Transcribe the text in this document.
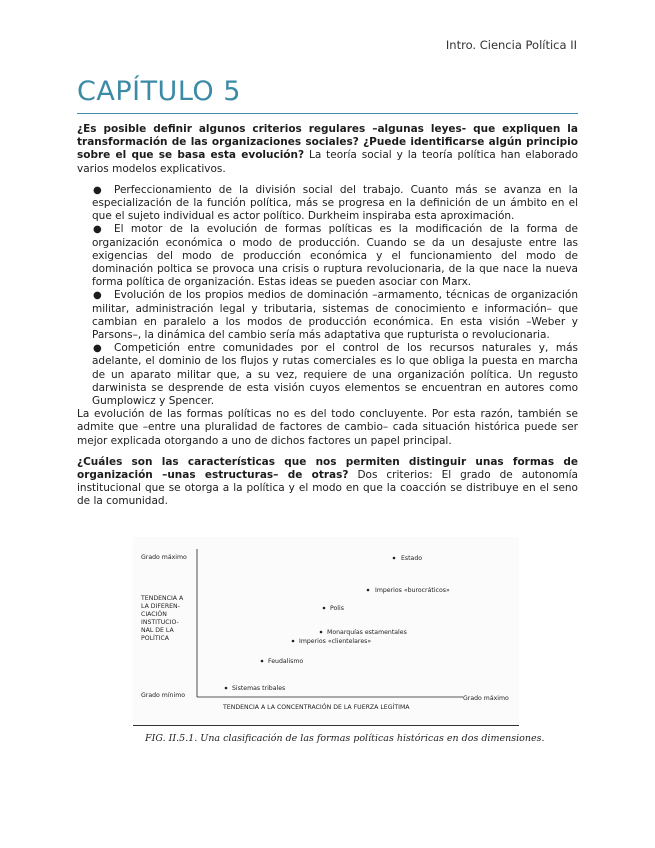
Intro. Ciencia Política II
CAPÍTULO 5

¿Es posible definir algunos criterios regulares –algunas leyes- que expliquen la transformación de las organizaciones sociales? ¿Puede identificarse algún principio sobre el que se basa esta evolución? La teoría social y la teoría política han elaborado varios modelos explicativos.

●	Perfeccionamiento de la división social del trabajo. Cuanto más se avanza en la especialización de la función política, más se progresa en la definición de un ámbito en el que el sujeto individual es actor político. Durkheim inspiraba esta aproximación.
●	El motor de la evolución de formas políticas es la modificación de la forma de organización económica o modo de producción. Cuando se da un desajuste entre las exigencias del modo de producción económica y el funcionamiento del modo de dominación poltica se provoca una crisis o ruptura revolucionaria, de la que nace la nueva forma política de organización. Estas ideas se pueden asociar con Marx.
●	Evolución de los propios medios de dominación –armamento, técnicas de organización militar, administración legal y tributaria, sistemas de conocimiento e información– que cambian en paralelo a los modos de producción económica. En esta visión –Weber y Parsons–, la dinámica del cambio sería más adaptativa que rupturista o revolucionaria.
●	Competición entre comunidades por el control de los recursos naturales y, más adelante, el dominio de los flujos y rutas comerciales es lo que obliga la puesta en marcha de un aparato militar que, a su vez, requiere de una organización política. Un regusto darwinista se desprende de esta visión cuyos elementos se encuentran en autores como Gumplowicz y Spencer.

La evolución de las formas políticas no es del todo concluyente. Por esta razón, también se admite que –entre una pluralidad de factores de cambio– cada situación histórica puede ser mejor explicada otorgando a uno de dichos factores un papel principal.

¿Cuáles son las características que nos permiten distinguir unas formas de organización –unas estructuras– de otras? Dos criterios: El grado de autonomía institucional que se otorga a la política y el modo en que la coacción se distribuye en el seno de la comunidad.

Grado máximo
Grado mínimo	Grado máximo
TENDENCIA A
LA DIFEREN-
CIACIÓN
INSTITUCIO-
NAL DE LA
POLÍTICA
TENDENCIA A LA CONCENTRACIÓN DE LA FUERZA LEGÍTIMA
Estado
Imperios «burocráticos»
Polis
Monarquías estamentales
Imperios «clientelares»
Feudalismo
Sistemas tribales
FIG. II.5.1. Una clasificación de las formas políticas históricas en dos dimensiones.
